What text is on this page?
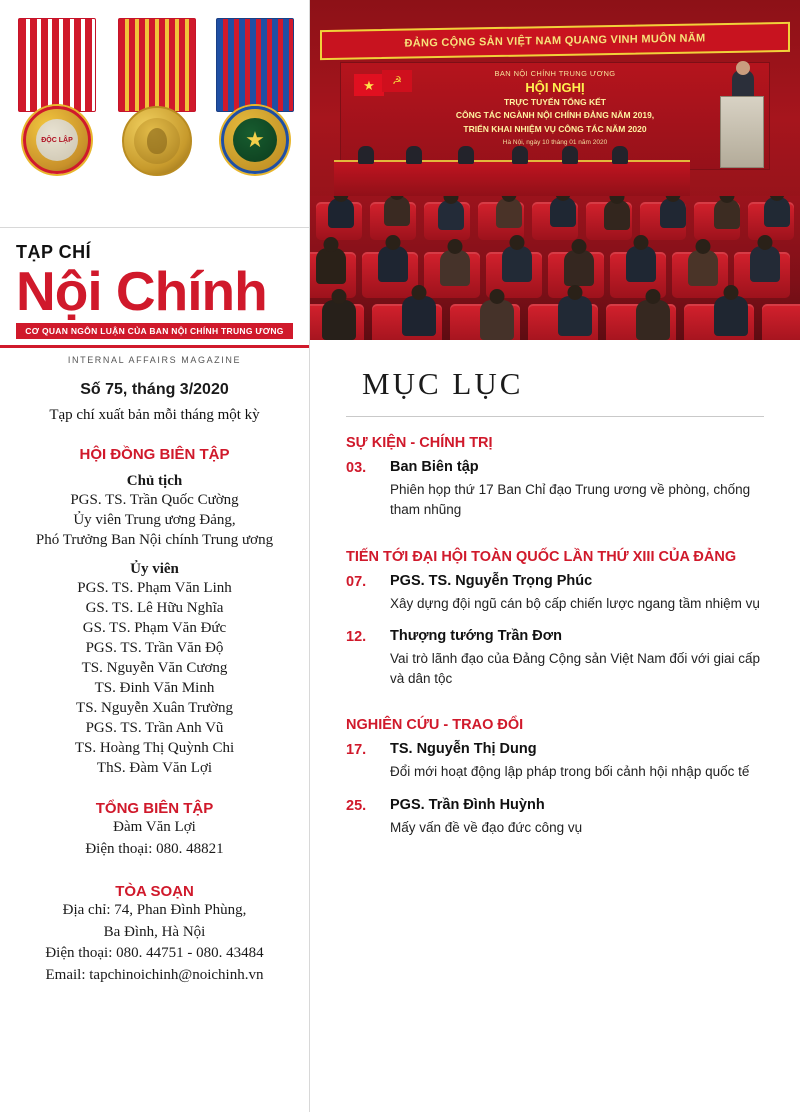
ĐỘC LẬP	★
TẠP CHÍ
Nội Chính
CƠ QUAN NGÔN LUẬN CỦA BAN NỘI CHÍNH TRUNG ƯƠNG
INTERNAL AFFAIRS MAGAZINE
Số 75, tháng 3/2020
Tạp chí xuất bản mỗi tháng một kỳ
HỘI ĐỒNG BIÊN TẬP
Chủ tịch
PGS. TS. Trần Quốc Cường
Ủy viên Trung ương Đảng,
Phó Trưởng Ban Nội chính Trung ương
Ủy viên
PGS. TS. Phạm Văn Linh
GS. TS. Lê Hữu Nghĩa
GS. TS. Phạm Văn Đức
PGS. TS. Trần Văn Độ
TS. Nguyễn Văn Cương
TS. Đinh Văn Minh
TS. Nguyễn Xuân Trường
PGS. TS. Trần Anh Vũ
TS. Hoàng Thị Quỳnh Chi
ThS. Đàm Văn Lợi
TỔNG BIÊN TẬP
Đàm Văn Lợi
Điện thoại: 080. 48821
TÒA SOẠN
Địa chỉ: 74, Phan Đình Phùng,
Ba Đình, Hà Nội
Điện thoại: 080. 44751 - 080. 43484
Email: tapchinoichinh@noichinh.vn
ĐẢNG CỘNG SẢN VIỆT NAM QUANG VINH MUÔN NĂM
BAN NỘI CHÍNH TRUNG ƯƠNG
HỘI NGHỊ
TRỰC TUYẾN TỔNG KẾT
CÔNG TÁC NGÀNH NỘI CHÍNH ĐẢNG NĂM 2019,
TRIỂN KHAI NHIỆM VỤ CÔNG TÁC NĂM 2020
Hà Nội, ngày 10 tháng 01 năm 2020
★	☭
MỤC LỤC
SỰ KIỆN - CHÍNH TRỊ
03.	Ban Biên tập
Phiên họp thứ 17 Ban Chỉ đạo Trung ương về phòng, chống tham nhũng
TIẾN TỚI ĐẠI HỘI TOÀN QUỐC LẦN THỨ XIII CỦA ĐẢNG
07.	PGS. TS. Nguyễn Trọng Phúc
Xây dựng đội ngũ cán bộ cấp chiến lược ngang tầm nhiệm vụ
12.	Thượng tướng Trần Đơn
Vai trò lãnh đạo của Đảng Cộng sản Việt Nam đối với giai cấp và dân tộc
NGHIÊN CỨU - TRAO ĐỔI
17.	TS. Nguyễn Thị Dung
Đổi mới hoạt động lập pháp trong bối cảnh hội nhập quốc tế
25.	PGS. Trần Đình Huỳnh
Mấy vấn đề về đạo đức công vụ
